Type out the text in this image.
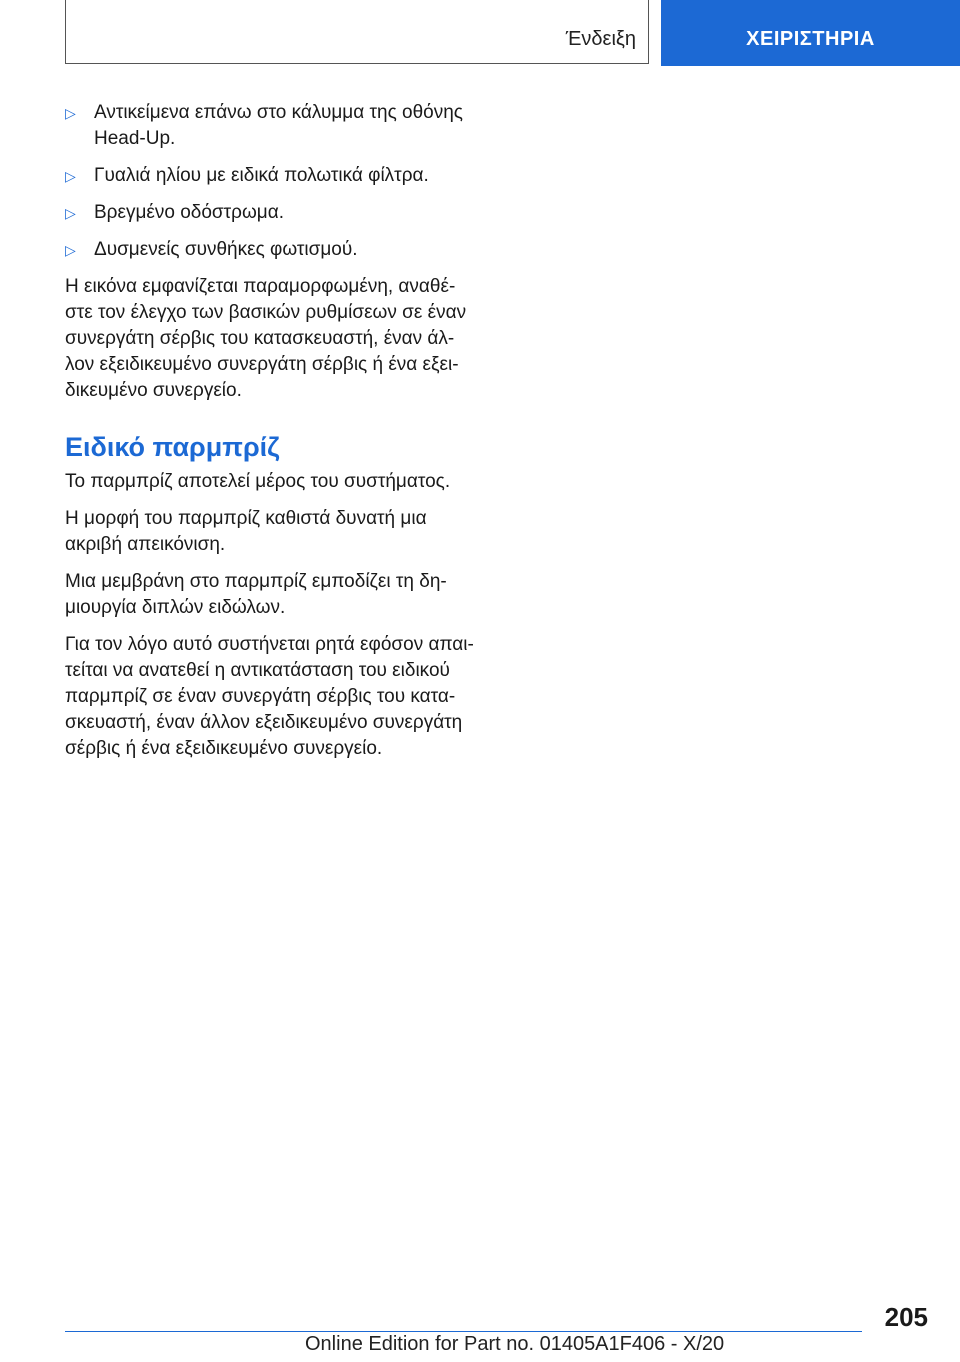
Ένδειξη	ΧΕΙΡΙΣΤΗΡΙΑ
▷ Αντικείμενα επάνω στο κάλυμμα της οθόνης
Head-Up.
▷ Γυαλιά ηλίου με ειδικά πολωτικά φίλτρα.
▷ Βρεγμένο οδόστρωμα.
▷ Δυσμενείς συνθήκες φωτισμού.

Η εικόνα εμφανίζεται παραμορφωμένη, αναθέ-
στε τον έλεγχο των βασικών ρυθμίσεων σε έναν
συνεργάτη σέρβις του κατασκευαστή, έναν άλ-
λον εξειδικευμένο συνεργάτη σέρβις ή ένα εξει-
δικευμένο συνεργείο.

Ειδικό παρμπρίζ

Το παρμπρίζ αποτελεί μέρος του συστήματος.

Η μορφή του παρμπρίζ καθιστά δυνατή μια
ακριβή απεικόνιση.

Μια μεμβράνη στο παρμπρίζ εμποδίζει τη δη-
μιουργία διπλών ειδώλων.

Για τον λόγο αυτό συστήνεται ρητά εφόσον απαι-
τείται να ανατεθεί η αντικατάσταση του ειδικού
παρμπρίζ σε έναν συνεργάτη σέρβις του κατα-
σκευαστή, έναν άλλον εξειδικευμένο συνεργάτη
σέρβις ή ένα εξειδικευμένο συνεργείο.

205
Online Edition for Part no. 01405A1F406 - X/20
